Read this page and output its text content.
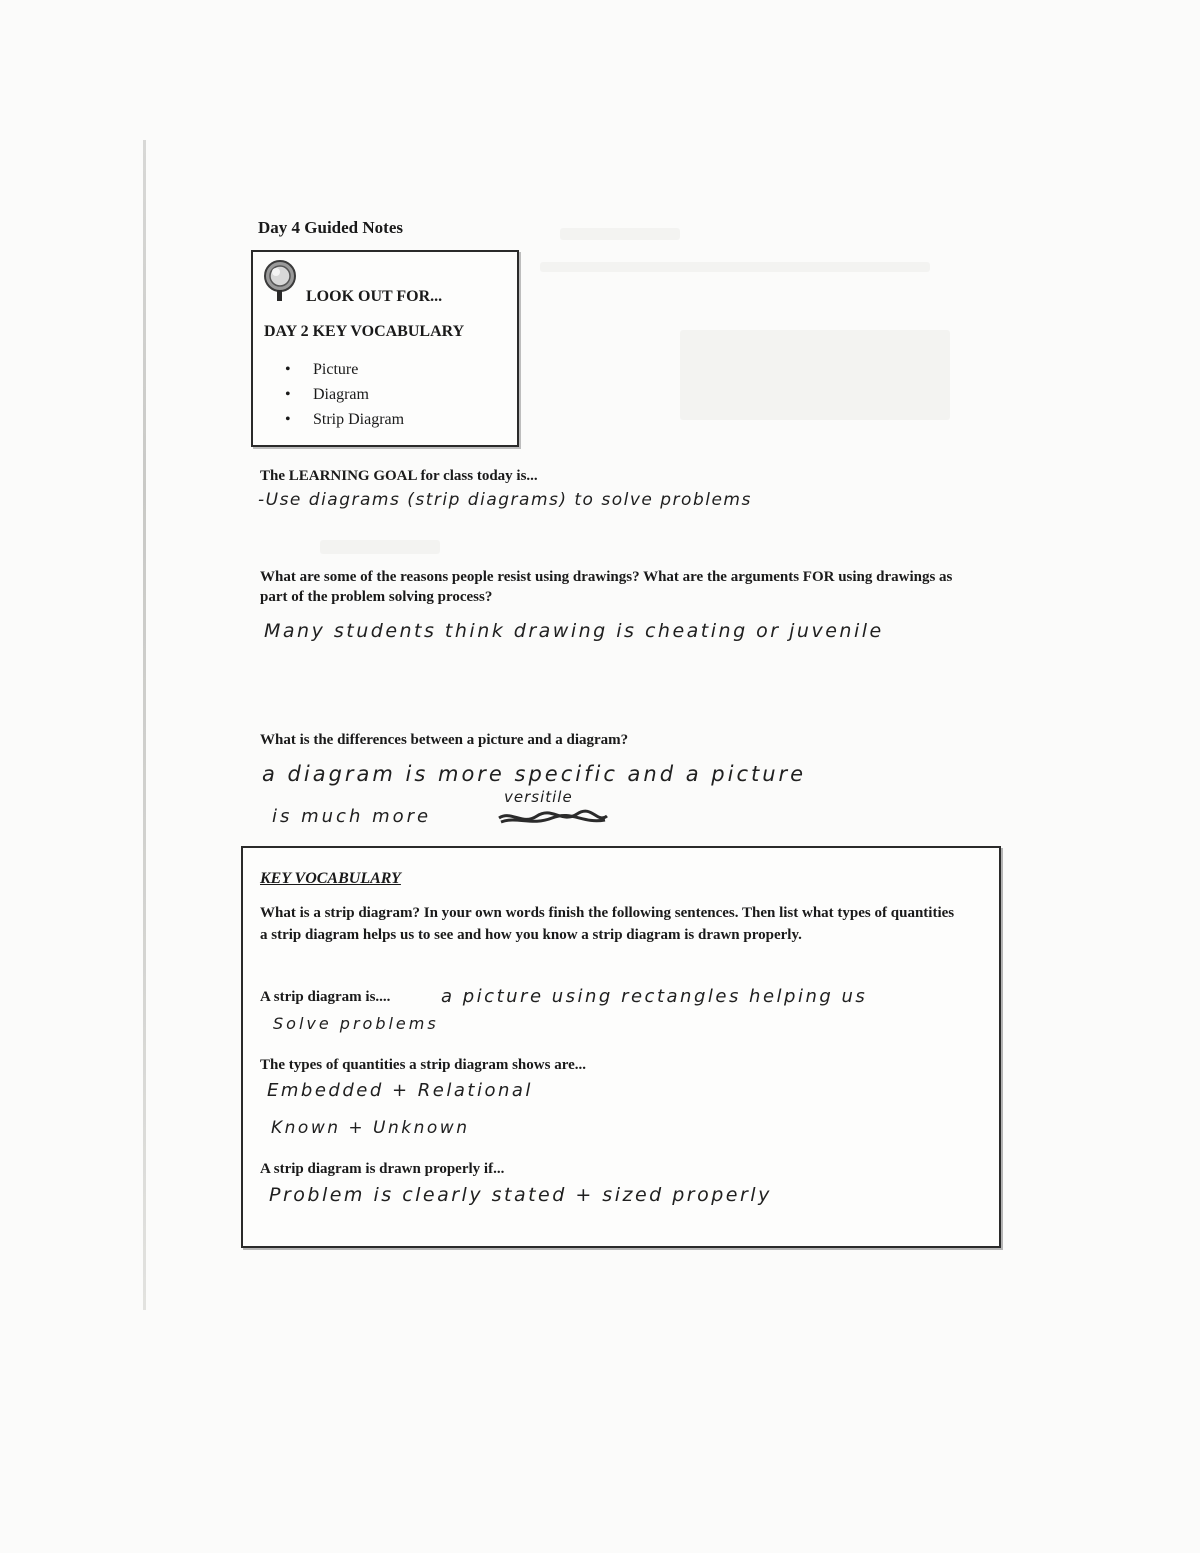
Day 4 Guided Notes
LOOK OUT FOR...
DAY 2 KEY VOCABULARY
• Picture
• Diagram
• Strip Diagram
The LEARNING GOAL for class today is...
-Use diagrams (strip diagrams) to solve problems
What are some of the reasons people resist using drawings? What are the arguments FOR using drawings as part of the problem solving process?
Many students think drawing is cheating or juvenile
What is the differences between a picture and a diagram?
a diagram is more specific and a picture
is much more
versitile
KEY VOCABULARY
What is a strip diagram? In your own words finish the following sentences. Then list what types of quantities a strip diagram helps us to see and how you know a strip diagram is drawn properly.
A strip diagram is....	a picture using rectangles helping us
Solve problems
The types of quantities a strip diagram shows are...
Embedded + Relational
Known + Unknown
A strip diagram is drawn properly if...
Problem is clearly stated + sized properly
